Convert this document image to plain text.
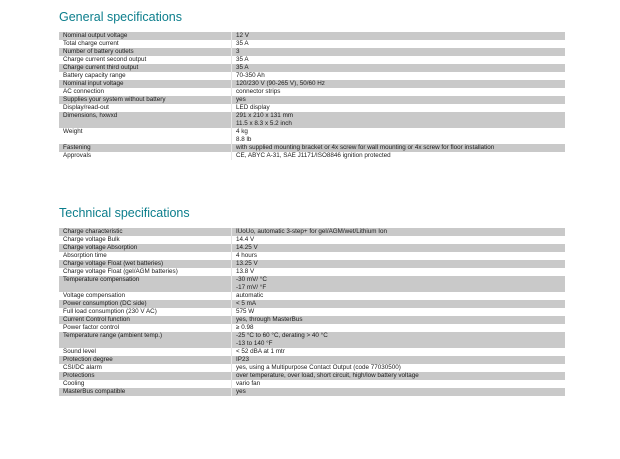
General specifications
Nominal output voltage	12 V

Total charge current	35 A

Number of battery outlets	3

Charge current second output	35 A

Charge current third output	35 A

Battery capacity range	70-350 Ah

Nominal input voltage	120/230 V (90-265 V), 50/60 Hz

AC connection	connector strips

Supplies your system without battery	yes

Display/read-out	LED display

Dimensions, hxwxd	291 x 210 x 131 mm
11.5 x 8.3 x 5.2 inch

Weight	4 kg
8.8 lb

Fastening	with supplied mounting bracket or 4x screw for wall mounting or 4x screw for floor installation

Approvals	CE, ABYC A-31, SAE J1171/ISO8846 ignition protected
Technical specifications
Charge characteristic	IUoUo, automatic 3-step+ for gel/AGM/wet/Lithium Ion

Charge voltage Bulk	14.4 V

Charge voltage Absorption	14.25 V

Absorption time	4 hours

Charge voltage Float (wet batteries)	13.25 V

Charge voltage Float (gel/AGM batteries)	13.8 V

Temperature compensation	-30 mV/ °C
-17 mV/ °F

Voltage compensation	automatic

Power consumption (DC side)	< 5 mA

Full load consumption (230 V AC)	575 W

Current Control function	yes, through MasterBus

Power factor control	≥ 0.98

Temperature range (ambient temp.)	-25 °C to 60 °C, derating > 40 °C
-13 to 140 °F

Sound level	< 52 dBA at 1 mtr

Protection degree	IP23

CSI/DC alarm	yes, using a Multipurpose Contact Output (code 77030500)

Protections	over temperature, over load, short circuit, high/low battery voltage

Cooling	vario fan

MasterBus compatible	yes
